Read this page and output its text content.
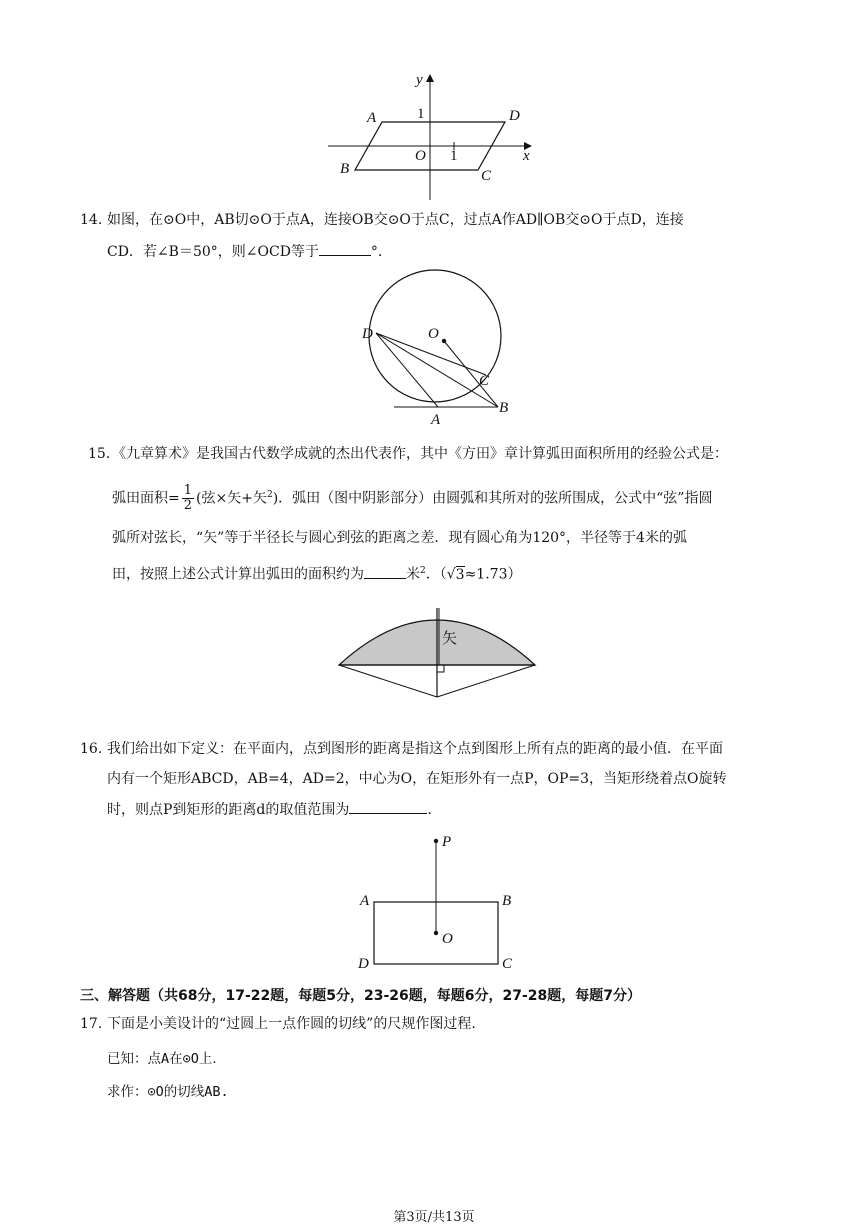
y
x
A	D
B	C
O
1
1
14. 如图，在⊙O中，AB切⊙O于点A，连接OB交⊙O于点C，过点A作AD∥OB交⊙O于点D，连接
CD．若∠B＝50°，则∠OCD等于	°.
D	O
C
A
B
15. 《九章算术》是我国古代数学成就的杰出代表作，其中《方田》章计算弧田面积所用的经验公式是：
弧田面积= $\frac{1}{2}$ (弦×矢+矢$^2$)．弧田（图中阴影部分）由圆弧和其所对的弦所围成，公式中“弦”指圆
弧所对弦长，“矢”等于半径长与圆心到弦的距离之差．现有圆心角为120°，半径等于4米的弧
田，按照上述公式计算出弧田的面积约为	米$^2$．（√3≈1.73）
矢
16. 我们给出如下定义：在平面内，点到图形的距离是指这个点到图形上所有点的距离的最小值．在平面
内有一个矩形ABCD，AB=4，AD=2，中心为O，在矩形外有一点P，OP=3，当矩形绕着点O旋转
时，则点P到矩形的距离d的取值范围为	.
P
A	B
O
D	C
三、解答题（共68分，17-22题，每题5分，23-26题，每题6分，27-28题，每题7分）
17. 下面是小美设计的“过圆上一点作圆的切线”的尺规作图过程.
已知：点A在⊙O上．
求作：⊙O的切线AB.
第3页/共13页
